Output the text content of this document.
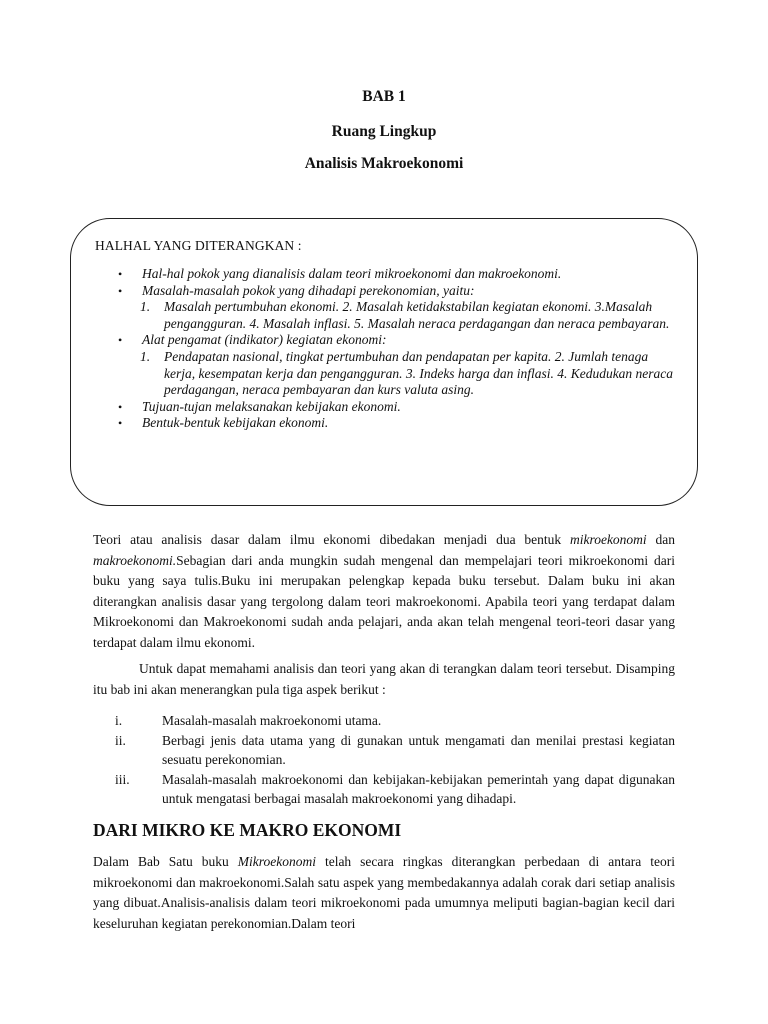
BAB 1
Ruang Lingkup
Analisis Makroekonomi
HALHAL YANG DITERANGKAN :
• Hal-hal pokok yang dianalisis dalam teori mikroekonomi dan makroekonomi.
• Masalah-masalah pokok yang dihadapi perekonomian, yaitu:
1. Masalah pertumbuhan ekonomi. 2. Masalah ketidakstabilan kegiatan ekonomi. 3.Masalah pengangguran. 4. Masalah inflasi. 5. Masalah neraca perdagangan dan neraca pembayaran.
• Alat pengamat (indikator) kegiatan ekonomi:
1. Pendapatan nasional, tingkat pertumbuhan dan pendapatan per kapita. 2. Jumlah tenaga kerja, kesempatan kerja dan pengangguran. 3. Indeks harga dan inflasi. 4. Kedudukan neraca perdagangan, neraca pembayaran dan kurs valuta asing.
• Tujuan-tujan melaksanakan kebijakan ekonomi.
• Bentuk-bentuk kebijakan ekonomi.
Teori atau analisis dasar dalam ilmu ekonomi dibedakan menjadi dua bentuk mikroekonomi dan makroekonomi.Sebagian dari anda mungkin sudah mengenal dan mempelajari teori mikroekonomi dari buku yang saya tulis.Buku ini merupakan pelengkap kepada buku tersebut. Dalam buku ini akan diterangkan analisis dasar yang tergolong dalam teori makroekonomi. Apabila teori yang terdapat dalam Mikroekonomi dan Makroekonomi sudah anda pelajari, anda akan telah mengenal teori-teori dasar yang terdapat dalam ilmu ekonomi.
Untuk dapat memahami analisis dan teori yang akan di terangkan dalam teori tersebut. Disamping itu bab ini akan menerangkan pula tiga aspek berikut :
i.	Masalah-masalah makroekonomi utama.
ii.	Berbagi jenis data utama yang di gunakan untuk mengamati dan menilai prestasi kegiatan sesuatu perekonomian.
iii. Masalah-masalah makroekonomi dan kebijakan-kebijakan pemerintah yang dapat digunakan untuk mengatasi berbagai masalah makroekonomi yang dihadapi.
DARI MIKRO KE MAKRO EKONOMI
Dalam Bab Satu buku Mikroekonomi telah secara ringkas diterangkan perbedaan di antara teori mikroekonomi dan makroekonomi.Salah satu aspek yang membedakannya adalah corak dari setiap analisis yang dibuat.Analisis-analisis dalam teori mikroekonomi pada umumnya meliputi bagian-bagian kecil dari keseluruhan kegiatan perekonomian.Dalam teori
